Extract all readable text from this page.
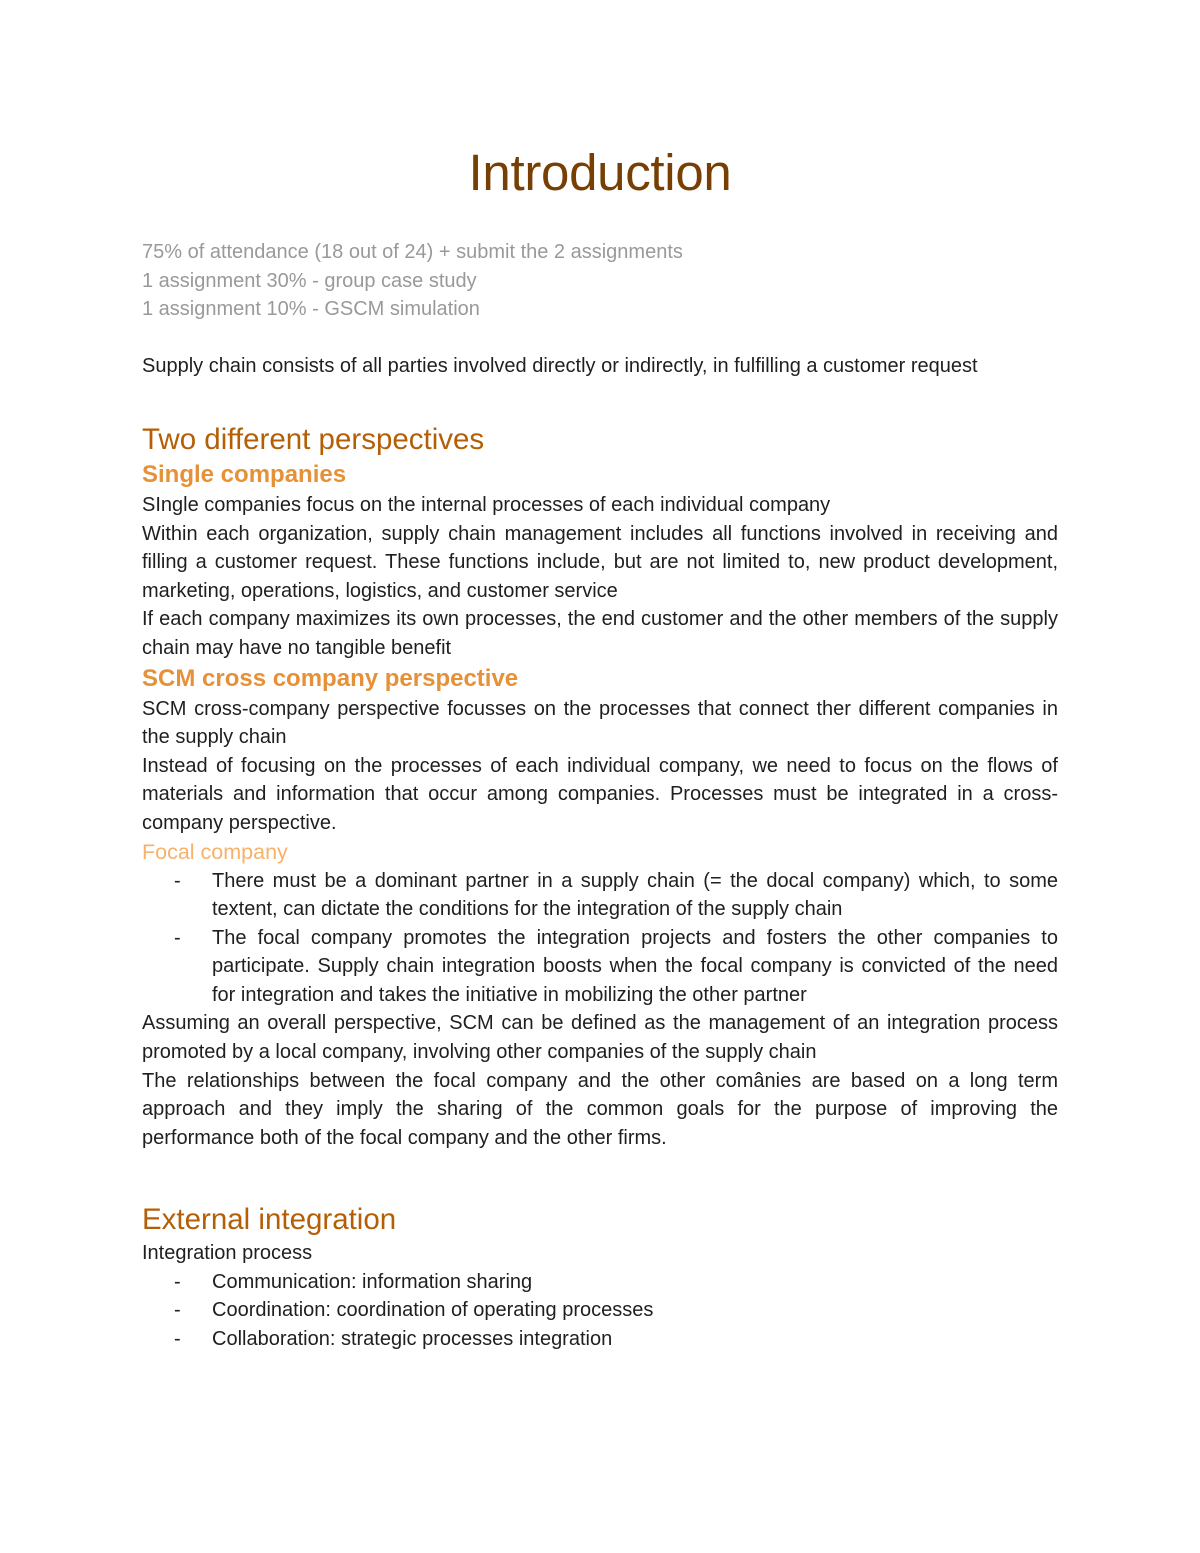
Introduction

75% of attendance (18 out of 24) + submit the 2 assignments

1 assignment 30% - group case study

1 assignment 10% - GSCM simulation

Supply chain consists of all parties involved directly or indirectly, in fulfilling a customer request

Two different perspectives
Single companies

SIngle companies focus on the internal processes of each individual company

Within each organization, supply chain management includes all functions involved in receiving and filling a customer request. These functions include, but are not limited to, new product development, marketing, operations, logistics, and customer service

If each company maximizes its own processes, the end customer and the other members of the supply chain may have no tangible benefit

SCM cross company perspective

SCM cross-company perspective focusses on the processes that connect ther different companies in the supply chain

Instead of focusing on the processes of each individual company, we need to focus on the flows of materials and information that occur among companies. Processes must be integrated in a cross-company perspective.

Focal company
- There must be a dominant partner in a supply chain (= the docal company) which, to some textent, can dictate the conditions for the integration of the supply chain
- The focal company promotes the integration projects and fosters the other companies to participate. Supply chain integration boosts when the focal company is convicted of the need for integration and takes the initiative in mobilizing the other partner

Assuming an overall perspective, SCM can be defined as the management of an integration process promoted by a local company, involving other companies of the supply chain

The relationships between the focal company and the other comânies are based on a long term approach and they imply the sharing of the common goals for the purpose of improving the performance both of the focal company and the other firms.

External integration

Integration process

- Communication: information sharing
- Coordination: coordination of operating processes
- Collaboration: strategic processes integration
